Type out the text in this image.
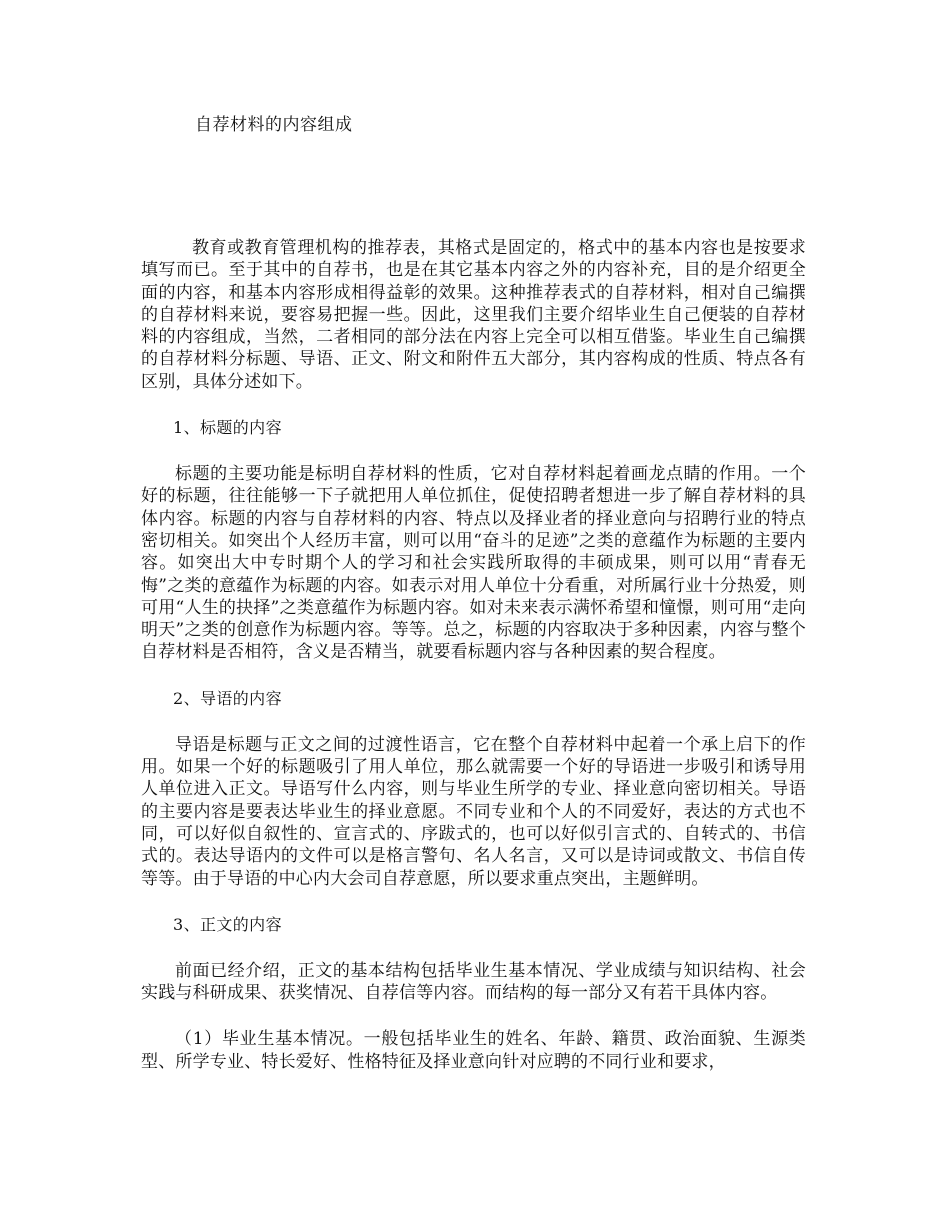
自荐材料的内容组成

教育或教育管理机构的推荐表，其格式是固定的，格式中的基本内容也是按要求填写而已。至于其中的自荐书，也是在其它基本内容之外的内容补充，目的是介绍更全面的内容，和基本内容形成相得益彰的效果。这种推荐表式的自荐材料，相对自己编撰的自荐材料来说，要容易把握一些。因此，这里我们主要介绍毕业生自己便装的自荐材料的内容组成，当然，二者相同的部分法在内容上完全可以相互借鉴。毕业生自己编撰的自荐材料分标题、导语、正文、附文和附件五大部分，其内容构成的性质、特点各有区别，具体分述如下。

1、标题的内容

标题的主要功能是标明自荐材料的性质，它对自荐材料起着画龙点睛的作用。一个好的标题，往往能够一下子就把用人单位抓住，促使招聘者想进一步了解自荐材料的具体内容。标题的内容与自荐材料的内容、特点以及择业者的择业意向与招聘行业的特点密切相关。如突出个人经历丰富，则可以用“奋斗的足迹”之类的意蕴作为标题的主要内容。如突出大中专时期个人的学习和社会实践所取得的丰硕成果，则可以用“青春无悔”之类的意蕴作为标题的内容。如表示对用人单位十分看重，对所属行业十分热爱，则可用“人生的抉择”之类意蕴作为标题内容。如对未来表示满怀希望和憧憬，则可用“走向明天”之类的创意作为标题内容。等等。总之，标题的内容取决于多种因素，内容与整个自荐材料是否相符，含义是否精当，就要看标题内容与各种因素的契合程度。

2、导语的内容

导语是标题与正文之间的过渡性语言，它在整个自荐材料中起着一个承上启下的作用。如果一个好的标题吸引了用人单位，那么就需要一个好的导语进一步吸引和诱导用人单位进入正文。导语写什么内容，则与毕业生所学的专业、择业意向密切相关。导语的主要内容是要表达毕业生的择业意愿。不同专业和个人的不同爱好，表达的方式也不同，可以好似自叙性的、宣言式的、序跋式的，也可以好似引言式的、自转式的、书信式的。表达导语内的文件可以是格言警句、名人名言，又可以是诗词或散文、书信自传等等。由于导语的中心内大会司自荐意愿，所以要求重点突出，主题鲜明。

3、正文的内容

前面已经介绍，正文的基本结构包括毕业生基本情况、学业成绩与知识结构、社会实践与科研成果、获奖情况、自荐信等内容。而结构的每一部分又有若干具体内容。

（1）毕业生基本情况。一般包括毕业生的姓名、年龄、籍贯、政治面貌、生源类型、所学专业、特长爱好、性格特征及择业意向针对应聘的不同行业和要求，
